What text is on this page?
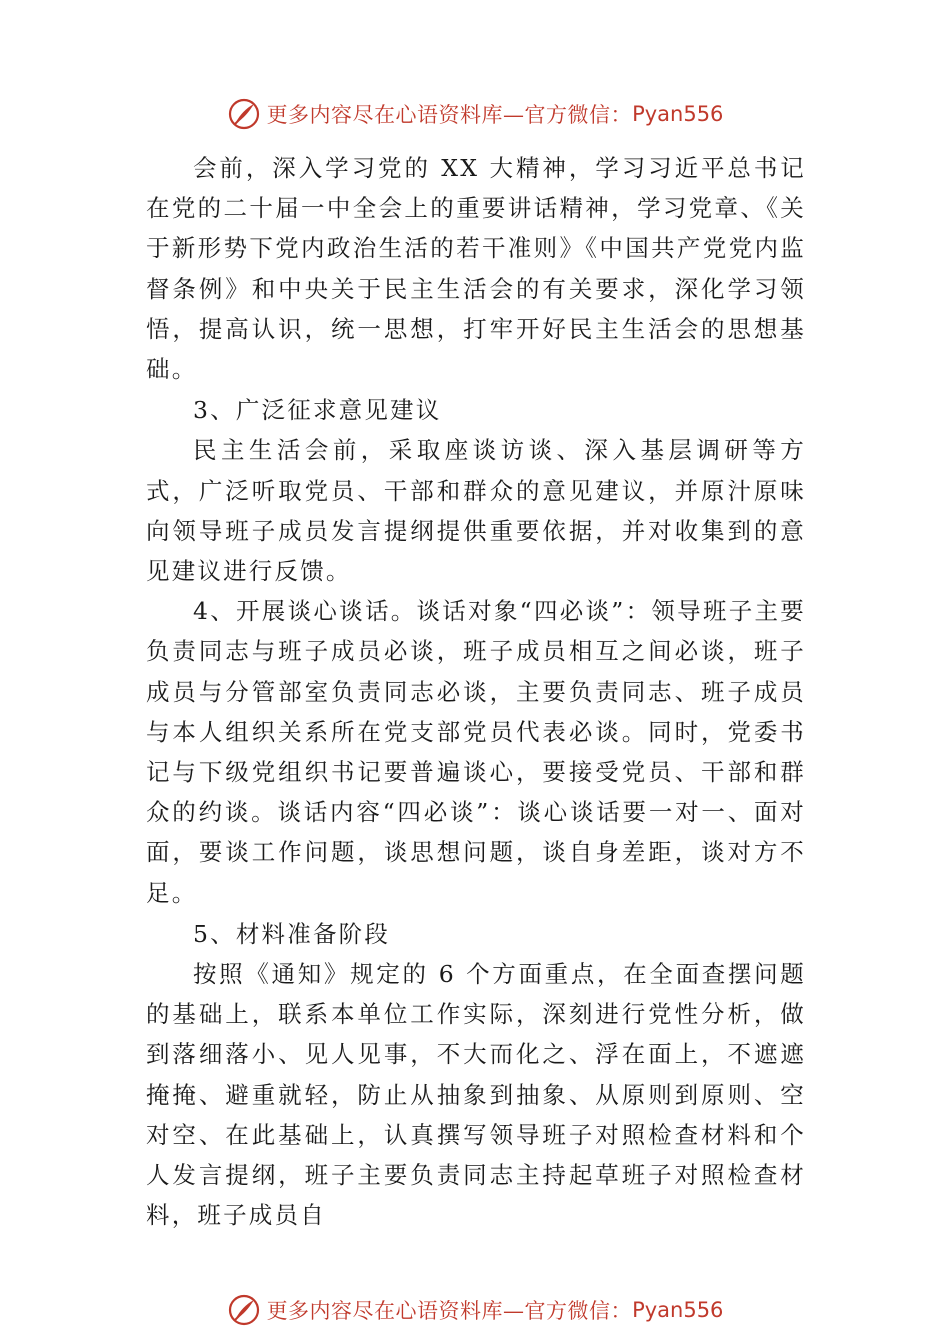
更多内容尽在心语资料库—官方微信： Pyan556

会前，深入学习党的 XX 大精神，学习习近平总书记在党的二十届一中全会上的重要讲话精神，学习党章、《关于新形势下党内政治生活的若干准则》《中国共产党党内监督条例》和中央关于民主生活会的有关要求，深化学习领悟，提高认识，统一思想，打牢开好民主生活会的思想基础。

3、广泛征求意见建议

民主生活会前，采取座谈访谈、深入基层调研等方式，广泛听取党员、干部和群众的意见建议，并原汁原味向领导班子成员发言提纲提供重要依据，并对收集到的意见建议进行反馈。

4、开展谈心谈话。谈话对象“四必谈”：领导班子主要负责同志与班子成员必谈，班子成员相互之间必谈，班子成员与分管部室负责同志必谈，主要负责同志、班子成员与本人组织关系所在党支部党员代表必谈。同时，党委书记与下级党组织书记要普遍谈心，要接受党员、干部和群众的约谈。谈话内容“四必谈”：谈心谈话要一对一、面对面，要谈工作问题，谈思想问题，谈自身差距，谈对方不足。

5、材料准备阶段

按照《通知》规定的 6 个方面重点，在全面查摆问题的基础上，联系本单位工作实际，深刻进行党性分析，做到落细落小、见人见事，不大而化之、浮在面上，不遮遮掩掩、避重就轻，防止从抽象到抽象、从原则到原则、空对空、在此基础上，认真撰写领导班子对照检查材料和个人发言提纲，班子主要负责同志主持起草班子对照检查材料，班子成员自

更多内容尽在心语资料库—官方微信： Pyan556
